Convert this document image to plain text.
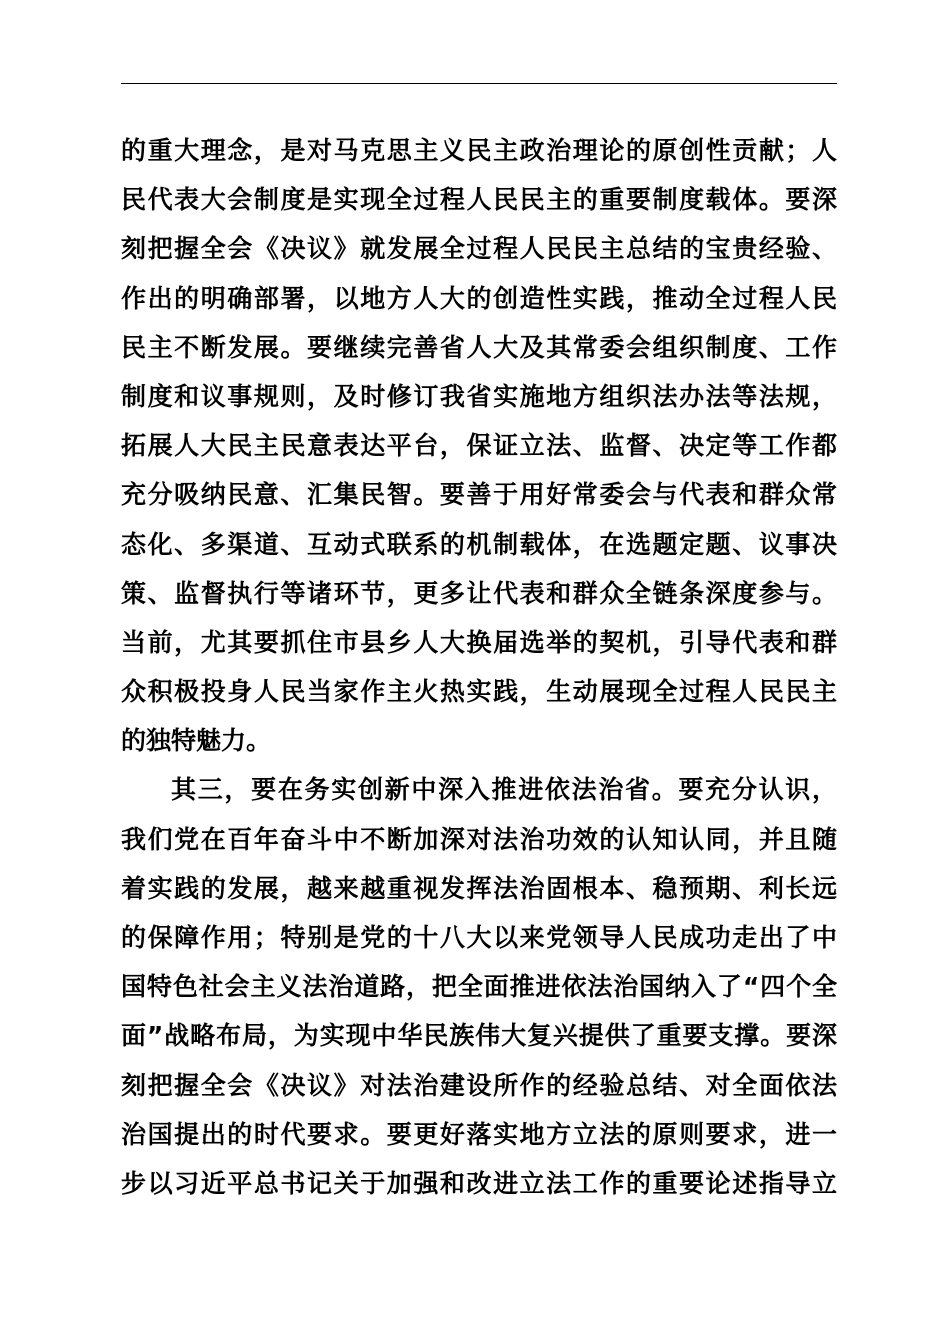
的重大理念，是对马克思主义民主政治理论的原创性贡献；人
民代表大会制度是实现全过程人民民主的重要制度载体。要深
刻把握全会《决议》就发展全过程人民民主总结的宝贵经验、
作出的明确部署，以地方人大的创造性实践，推动全过程人民
民主不断发展。要继续完善省人大及其常委会组织制度、工作
制度和议事规则，及时修订我省实施地方组织法办法等法规，
拓展人大民主民意表达平台，保证立法、监督、决定等工作都
充分吸纳民意、汇集民智。要善于用好常委会与代表和群众常
态化、多渠道、互动式联系的机制载体，在选题定题、议事决
策、监督执行等诸环节，更多让代表和群众全链条深度参与。
当前，尤其要抓住市县乡人大换届选举的契机，引导代表和群
众积极投身人民当家作主火热实践，生动展现全过程人民民主
的独特魅力。
其三，要在务实创新中深入推进依法治省。要充分认识，
我们党在百年奋斗中不断加深对法治功效的认知认同，并且随
着实践的发展，越来越重视发挥法治固根本、稳预期、利长远
的保障作用；特别是党的十八大以来党领导人民成功走出了中
国特色社会主义法治道路，把全面推进依法治国纳入了“四个全
面”战略布局，为实现中华民族伟大复兴提供了重要支撑。要深
刻把握全会《决议》对法治建设所作的经验总结、对全面依法
治国提出的时代要求。要更好落实地方立法的原则要求，进一
步以习近平总书记关于加强和改进立法工作的重要论述指导立
